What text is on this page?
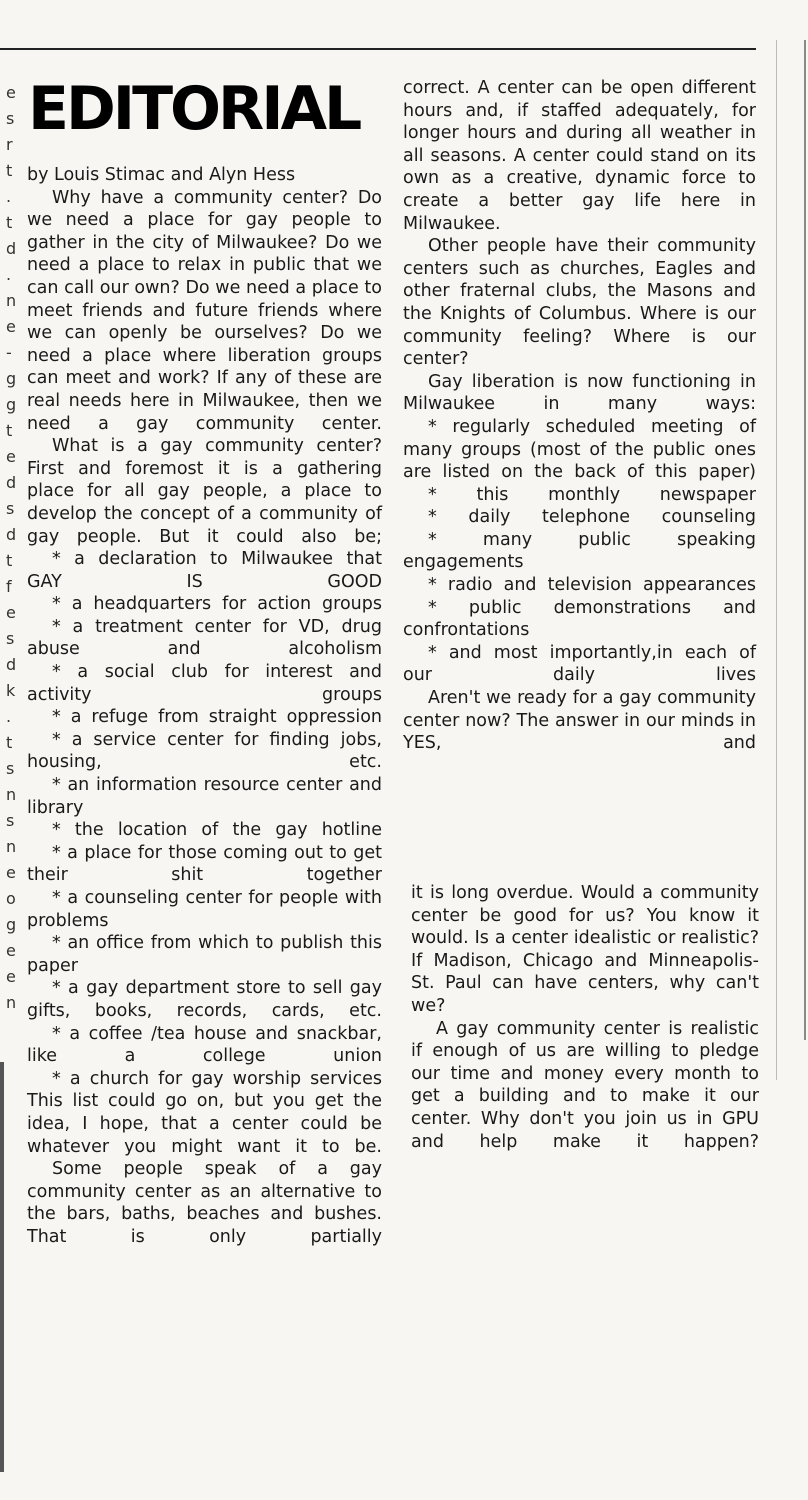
e
s
r
t
.
t
d
.
n
e
-
g
g
t
e
d
s
d
t
f
e
s
d
k
.
t
s
n
s
n
e
o
g
e
e
n
EDITORIAL

by Louis Stimac and Alyn Hess

Why have a community center? Do we need a place for gay people to gather in the city of Milwaukee? Do we need a place to relax in public that we can call our own? Do we need a place to meet friends and future friends where we can openly be ourselves? Do we need a place where liberation groups can meet and work? If any of these are real needs here in Milwaukee, then we need a gay community center.

What is a gay community center? First and foremost it is a gathering place for all gay people, a place to develop the concept of a community of gay people. But it could also be;

* a declaration to Milwaukee that GAY IS GOOD

* a headquarters for action groups

* a treatment center for VD, drug abuse and alcoholism

* a social club for interest and activity groups

* a refuge from straight oppression

* a service center for finding jobs, housing, etc.

* an information resource center and library

* the location of the gay hotline

* a place for those coming out to get their shit together

* a counseling center for people with problems

* an office from which to publish this paper

* a gay department store to sell gay gifts, books, records, cards, etc.

* a coffee /tea house and snackbar, like a college union

* a church for gay worship services

This list could go on, but you get the idea, I hope, that a center could be whatever you might want it to be.

Some people speak of a gay community center as an alternative to the bars, baths, beaches and bushes. That is only partially

correct. A center can be open different hours and, if staffed adequately, for longer hours and during all weather in all seasons. A center could stand on its own as a creative, dynamic force to create a better gay life here in Milwaukee.

Other people have their community centers such as churches, Eagles and other fraternal clubs, the Masons and the Knights of Columbus. Where is our community feeling? Where is our center?

Gay liberation is now functioning in Milwaukee in many ways:

* regularly scheduled meeting of many groups (most of the public ones are listed on the back of this paper)

* this monthly newspaper

* daily telephone counseling

* many public speaking engagements

* radio and television appearances

* public demonstrations and confrontations

* and most importantly,in each of our daily lives

Aren't we ready for a gay community center now? The answer in our minds in YES, and

it is long overdue. Would a community center be good for us? You know it would. Is a center idealistic or realistic? If Madison, Chicago and Minneapolis-St. Paul can have centers, why can't we?

A gay community center is realistic if enough of us are willing to pledge our time and money every month to get a building and to make it our center. Why don't you join us in GPU and help make it happen?
